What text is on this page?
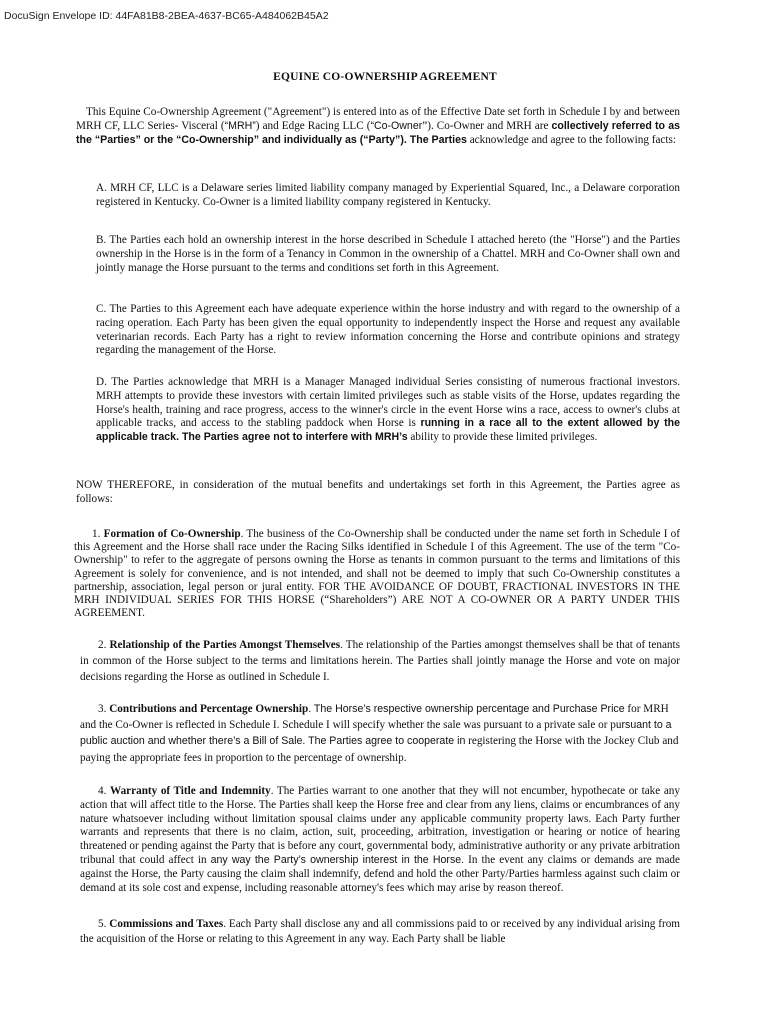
DocuSign Envelope ID: 44FA81B8-2BEA-4637-BC65-A484062B45A2
EQUINE CO-OWNERSHIP AGREEMENT
This Equine Co-Ownership Agreement ("Agreement") is entered into as of the Effective Date set forth in Schedule I by and between MRH CF, LLC Series- Visceral (“MRH”) and Edge Racing LLC (“Co-Owner”). Co-Owner and MRH are collectively referred to as the “Parties” or the “Co-Ownership” and individually as (“Party”). The Parties acknowledge and agree to the following facts:
A. MRH CF, LLC is a Delaware series limited liability company managed by Experiential Squared, Inc., a Delaware corporation registered in Kentucky. Co-Owner is a limited liability company registered in Kentucky.
B. The Parties each hold an ownership interest in the horse described in Schedule I attached hereto (the "Horse") and the Parties ownership in the Horse is in the form of a Tenancy in Common in the ownership of a Chattel. MRH and Co-Owner shall own and jointly manage the Horse pursuant to the terms and conditions set forth in this Agreement.
C. The Parties to this Agreement each have adequate experience within the horse industry and with regard to the ownership of a racing operation. Each Party has been given the equal opportunity to independently inspect the Horse and request any available veterinarian records. Each Party has a right to review information concerning the Horse and contribute opinions and strategy regarding the management of the Horse.
D. The Parties acknowledge that MRH is a Manager Managed individual Series consisting of numerous fractional investors. MRH attempts to provide these investors with certain limited privileges such as stable visits of the Horse, updates regarding the Horse's health, training and race progress, access to the winner's circle in the event Horse wins a race, access to owner's clubs at applicable tracks, and access to the stabling paddock when Horse is running in a race all to the extent allowed by the applicable track. The Parties agree not to interfere with MRH’s ability to provide these limited privileges.
NOW THEREFORE, in consideration of the mutual benefits and undertakings set forth in this Agreement, the Parties agree as follows:
1. Formation of Co-Ownership. The business of the Co-Ownership shall be conducted under the name set forth in Schedule I of this Agreement and the Horse shall race under the Racing Silks identified in Schedule I of this Agreement. The use of the term "Co-Ownership" to refer to the aggregate of persons owning the Horse as tenants in common pursuant to the terms and limitations of this Agreement is solely for convenience, and is not intended, and shall not be deemed to imply that such Co-Ownership constitutes a partnership, association, legal person or jural entity. FOR THE AVOIDANCE OF DOUBT, FRACTIONAL INVESTORS IN THE MRH INDIVIDUAL SERIES FOR THIS HORSE (“Shareholders”) ARE NOT A CO-OWNER OR A PARTY UNDER THIS AGREEMENT.
2. Relationship of the Parties Amongst Themselves. The relationship of the Parties amongst themselves shall be that of tenants in common of the Horse subject to the terms and limitations herein. The Parties shall jointly manage the Horse and vote on major decisions regarding the Horse as outlined in Schedule I.
3. Contributions and Percentage Ownership. The Horse’s respective ownership percentage and Purchase Price for MRH and the Co-Owner is reflected in Schedule I. Schedule I will specify whether the sale was pursuant to a private sale or pursuant to a public auction and whether there’s a Bill of Sale. The Parties agree to cooperate in registering the Horse with the Jockey Club and paying the appropriate fees in proportion to the percentage of ownership.
4. Warranty of Title and Indemnity. The Parties warrant to one another that they will not encumber, hypothecate or take any action that will affect title to the Horse. The Parties shall keep the Horse free and clear from any liens, claims or encumbrances of any nature whatsoever including without limitation spousal claims under any applicable community property laws. Each Party further warrants and represents that there is no claim, action, suit, proceeding, arbitration, investigation or hearing or notice of hearing threatened or pending against the Party that is before any court, governmental body, administrative authority or any private arbitration tribunal that could affect in any way the Party’s ownership interest in the Horse. In the event any claims or demands are made against the Horse, the Party causing the claim shall indemnify, defend and hold the other Party/Parties harmless against such claim or demand at its sole cost and expense, including reasonable attorney's fees which may arise by reason thereof.
5. Commissions and Taxes. Each Party shall disclose any and all commissions paid to or received by any individual arising from the acquisition of the Horse or relating to this Agreement in any way. Each Party shall be liable
